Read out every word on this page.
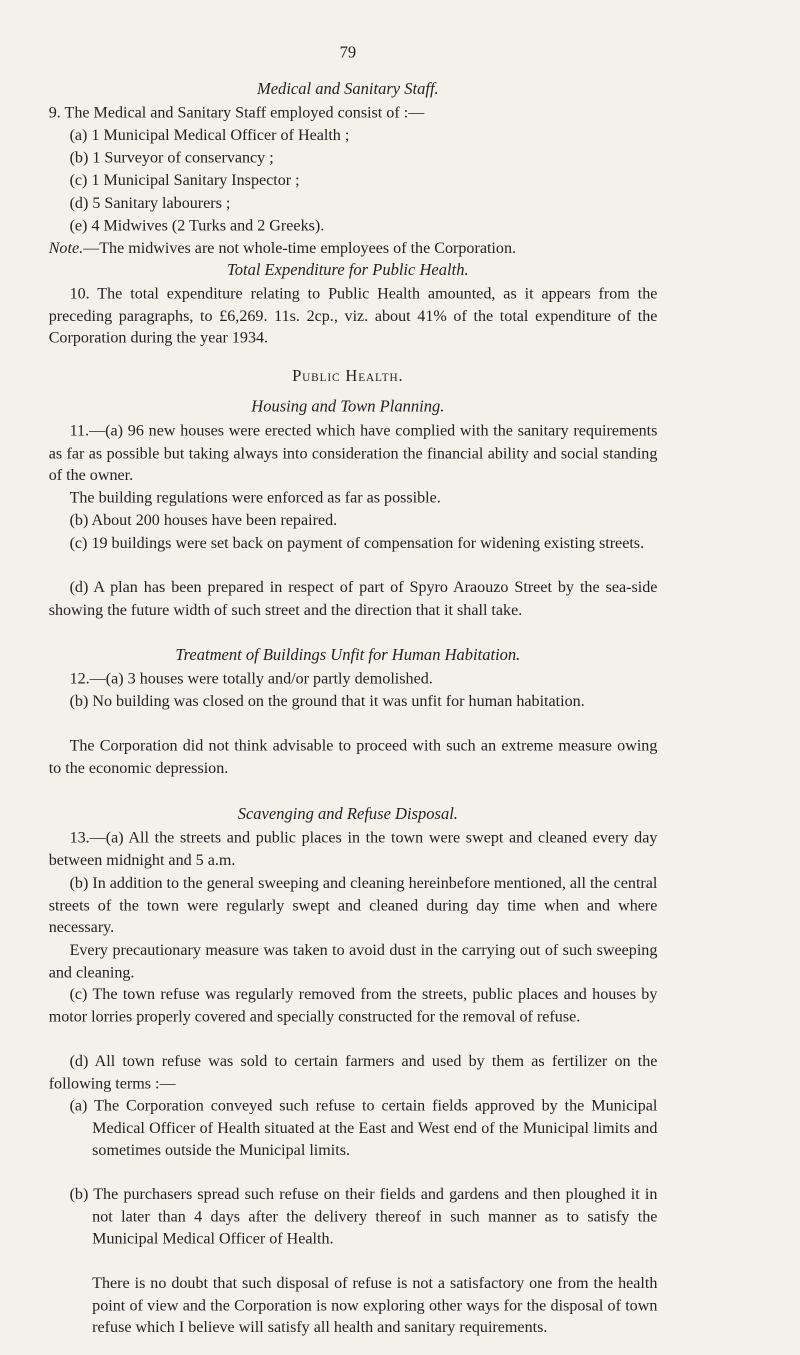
79
Medical and Sanitary Staff.

9. The Medical and Sanitary Staff employed consist of :—

(a) 1 Municipal Medical Officer of Health ;

(b) 1 Surveyor of conservancy ;

(c) 1 Municipal Sanitary Inspector ;

(d) 5 Sanitary labourers ;

(e) 4 Midwives (2 Turks and 2 Greeks).

Note.—The midwives are not whole-time employees of the Corporation.

Total Expenditure for Public Health.

10. The total expenditure relating to Public Health amounted, as it appears from the preceding paragraphs, to £6,269. 11s. 2cp., viz. about 41% of the total expenditure of the Corporation during the year 1934.

Public Health.
Housing and Town Planning.

11.—(a) 96 new houses were erected which have complied with the sanitary requirements as far as possible but taking always into consideration the financial ability and social standing of the owner.

The building regulations were enforced as far as possible.

(b) About 200 houses have been repaired.

(c) 19 buildings were set back on payment of compensation for widening existing streets.

(d) A plan has been prepared in respect of part of Spyro Araouzo Street by the sea-side showing the future width of such street and the direction that it shall take.

Treatment of Buildings Unfit for Human Habitation.

12.—(a) 3 houses were totally and/or partly demolished.

(b) No building was closed on the ground that it was unfit for human habitation.

The Corporation did not think advisable to proceed with such an extreme measure owing to the economic depression.

Scavenging and Refuse Disposal.

13.—(a) All the streets and public places in the town were swept and cleaned every day between midnight and 5 a.m.

(b) In addition to the general sweeping and cleaning hereinbefore mentioned, all the central streets of the town were regularly swept and cleaned during day time when and where necessary.

Every precautionary measure was taken to avoid dust in the carrying out of such sweeping and cleaning.

(c) The town refuse was regularly removed from the streets, public places and houses by motor lorries properly covered and specially constructed for the removal of refuse.

(d) All town refuse was sold to certain farmers and used by them as fertilizer on the following terms :—

(a) The Corporation conveyed such refuse to certain fields approved by the Municipal Medical Officer of Health situated at the East and West end of the Municipal limits and sometimes outside the Municipal limits.

(b) The purchasers spread such refuse on their fields and gardens and then ploughed it in not later than 4 days after the delivery thereof in such manner as to satisfy the Municipal Medical Officer of Health.

There is no doubt that such disposal of refuse is not a satisfactory one from the health point of view and the Corporation is now exploring other ways for the disposal of town refuse which I believe will satisfy all health and sanitary requirements.
